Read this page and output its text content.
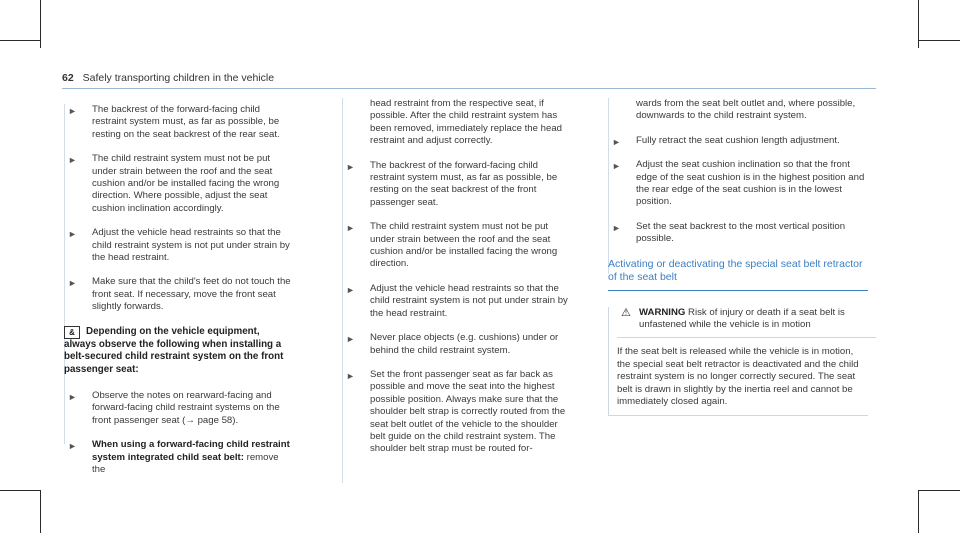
62 Safely transporting children in the vehicle
► The backrest of the forward-facing child restraint system must, as far as possible, be resting on the seat backrest of the rear seat.
► The child restraint system must not be put under strain between the roof and the seat cushion and/or be installed facing the wrong direction. Where possible, adjust the seat cushion inclination accordingly.
► Adjust the vehicle head restraints so that the child restraint system is not put under strain by the head restraint.
► Make sure that the child's feet do not touch the front seat. If necessary, move the front seat slightly forwards.
& Depending on the vehicle equipment, always observe the following when installing a belt-secured child restraint system on the front passenger seat:
► Observe the notes on rearward-facing and forward-facing child restraint systems on the front passenger seat (→ page 58).
► When using a forward-facing child restraint system integrated child seat belt: remove the
head restraint from the respective seat, if possible. After the child restraint system has been removed, immediately replace the head restraint and adjust correctly.
► The backrest of the forward-facing child restraint system must, as far as possible, be resting on the seat backrest of the front passenger seat.
► The child restraint system must not be put under strain between the roof and the seat cushion and/or be installed facing the wrong direction.
► Adjust the vehicle head restraints so that the child restraint system is not put under strain by the head restraint.
► Never place objects (e.g. cushions) under or behind the child restraint system.
► Set the front passenger seat as far back as possible and move the seat into the highest possible position. Always make sure that the shoulder belt strap is correctly routed from the seat belt outlet of the vehicle to the shoulder belt guide on the child restraint system. The shoulder belt strap must be routed for-
wards from the seat belt outlet and, where possible, downwards to the child restraint system.
► Fully retract the seat cushion length adjustment.
► Adjust the seat cushion inclination so that the front edge of the seat cushion is in the highest position and the rear edge of the seat cushion is in the lowest position.
► Set the seat backrest to the most vertical position possible.
Activating or deactivating the special seat belt retractor of the seat belt
⚠ WARNING Risk of injury or death if a seat belt is unfastened while the vehicle is in motion
If the seat belt is released while the vehicle is in motion, the special seat belt retractor is deactivated and the child restraint system is no longer correctly secured. The seat belt is drawn in slightly by the inertia reel and cannot be immediately closed again.
